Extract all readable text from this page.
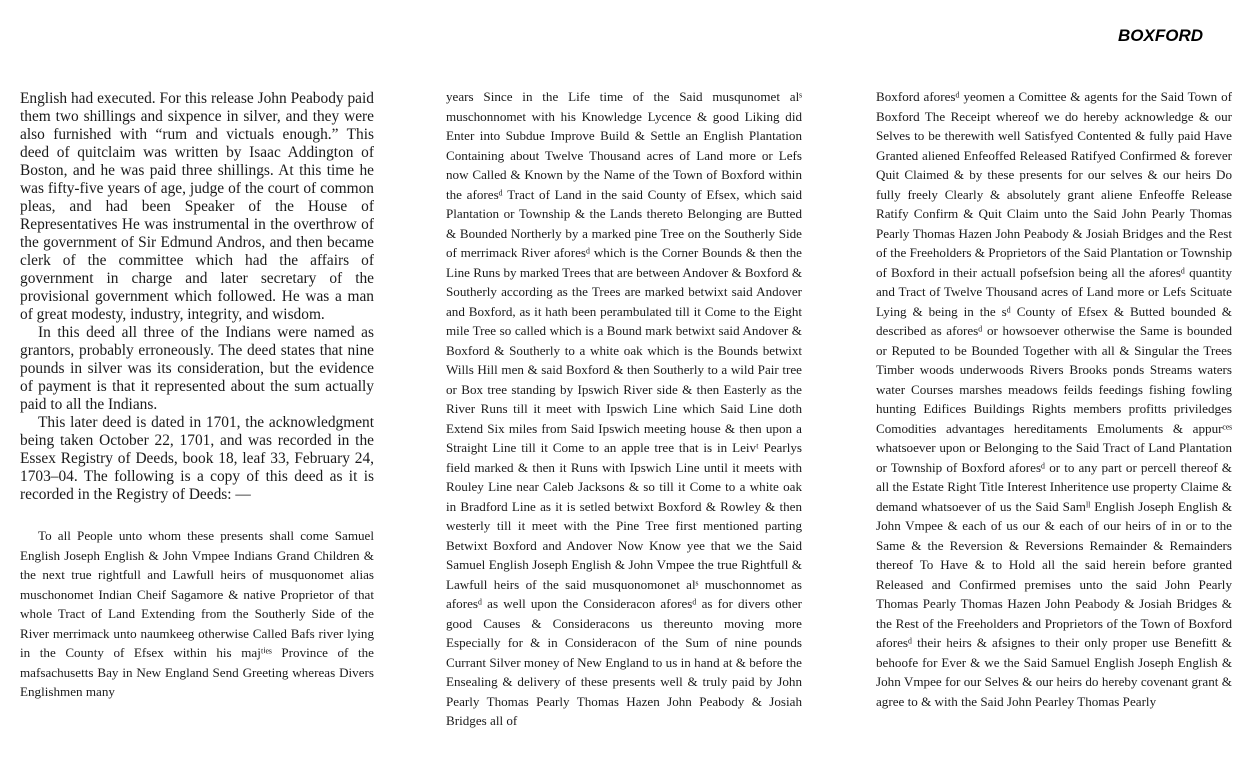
BOXFORD

English had executed. For this release John Peabody paid them two shillings and sixpence in silver, and they were also furnished with “rum and victuals enough.” This deed of quitclaim was written by Isaac Addington of Boston, and he was paid three shillings. At this time he was fifty-five years of age, judge of the court of common pleas, and had been Speaker of the House of Representatives He was instrumental in the overthrow of the government of Sir Edmund Andros, and then became clerk of the committee which had the affairs of government in charge and later secretary of the provisional government which followed. He was a man of great modesty, industry, integrity, and wisdom.

In this deed all three of the Indians were named as grantors, probably erroneously. The deed states that nine pounds in silver was its consideration, but the evidence of payment is that it represented about the sum actually paid to all the Indians.

This later deed is dated in 1701, the acknowledgment being taken October 22, 1701, and was recorded in the Essex Registry of Deeds, book 18, leaf 33, February 24, 1703–04. The following is a copy of this deed as it is recorded in the Registry of Deeds: —

To all People unto whom these presents shall come Samuel English Joseph English & John Vmpee Indians Grand Children & the next true rightfull and Lawfull heirs of musquonomet alias muschonomet Indian Cheif Sagamore & native Proprietor of that whole Tract of Land Extending from the Southerly Side of the River merrimack unto naumkeeg otherwise Called Bafs river lying in the County of Efsex within his majᵗⁱᵉˢ Province of the mafsachusetts Bay in New England Send Greeting whereas Divers Englishmen many

years Since in the Life time of the Said musqunomet alˢ muschonnomet with his Knowledge Lycence & good Liking did Enter into Subdue Improve Build & Settle an English Plantation Containing about Twelve Thousand acres of Land more or Lefs now Called & Known by the Name of the Town of Boxford within the aforesᵈ Tract of Land in the said County of Efsex, which said Plantation or Township & the Lands thereto Belonging are Butted & Bounded Northerly by a marked pine Tree on the Southerly Side of merrimack River aforesᵈ which is the Corner Bounds & then the Line Runs by marked Trees that are between Andover & Boxford & Southerly according as the Trees are marked betwixt said Andover and Boxford, as it hath been perambulated till it Come to the Eight mile Tree so called which is a Bound mark betwixt said Andover & Boxford & Southerly to a white oak which is the Bounds betwixt Wills Hill men & said Boxford & then Southerly to a wild Pair tree or Box tree standing by Ipswich River side & then Easterly as the River Runs till it meet with Ipswich Line which Said Line doth Extend Six miles from Said Ipswich meeting house & then upon a Straight Line till it Come to an apple tree that is in Leivᵗ Pearlys field marked & then it Runs with Ipswich Line until it meets with Rouley Line near Caleb Jacksons & so till it Come to a white oak in Bradford Line as it is setled betwixt Boxford & Rowley & then westerly till it meet with the Pine Tree first mentioned parting Betwixt Boxford and Andover Now Know yee that we the Said Samuel English Joseph English & John Vmpee the true Rightfull & Lawfull heirs of the said musquonomonet alˢ muschonnomet as aforesᵈ as well upon the Consideracon aforesᵈ as for divers other good Causes & Consideracons us thereunto moving more Especially for & in Consideracon of the Sum of nine pounds Currant Silver money of New England to us in hand at & before the Ensealing & delivery of these presents well & truly paid by John Pearly Thomas Pearly Thomas Hazen John Peabody & Josiah Bridges all of

Boxford aforesᵈ yeomen a Comittee & agents for the Said Town of Boxford The Receipt whereof we do hereby acknowledge & our Selves to be therewith well Satisfyed Contented & fully paid Have Granted aliened Enfeoffed Released Ratifyed Confirmed & forever Quit Claimed & by these presents for our selves & our heirs Do fully freely Clearly & absolutely grant aliene Enfeoffe Release Ratify Confirm & Quit Claim unto the Said John Pearly Thomas Pearly Thomas Hazen John Peabody & Josiah Bridges and the Rest of the Freeholders & Proprietors of the Said Plantation or Township of Boxford in their actuall pofsefsion being all the aforesᵈ quantity and Tract of Twelve Thousand acres of Land more or Lefs Scituate Lying & being in the sᵈ County of Efsex & Butted bounded & described as aforesᵈ or howsoever otherwise the Same is bounded or Reputed to be Bounded Together with all & Singular the Trees Timber woods underwoods Rivers Brooks ponds Streams waters water Courses marshes meadows feilds feedings fishing fowling hunting Edifices Buildings Rights members profitts priviledges Comodities advantages hereditaments Emoluments & appurᶜᵉˢ whatsoever upon or Belonging to the Said Tract of Land Plantation or Township of Boxford aforesᵈ or to any part or percell thereof & all the Estate Right Title Interest Inheritence use property Claime & demand whatsoever of us the Said Samˡˡ English Joseph English & John Vmpee & each of us our & each of our heirs of in or to the Same & the Reversion & Reversions Remainder & Remainders thereof To Have & to Hold all the said herein before granted Released and Confirmed premises unto the said John Pearly Thomas Pearly Thomas Hazen John Peabody & Josiah Bridges & the Rest of the Freeholders and Proprietors of the Town of Boxford aforesᵈ their heirs & afsignes to their only proper use Benefitt & behoofe for Ever & we the Said Samuel English Joseph English & John Vmpee for our Selves & our heirs do hereby covenant grant & agree to & with the Said John Pearley Thomas Pearly
